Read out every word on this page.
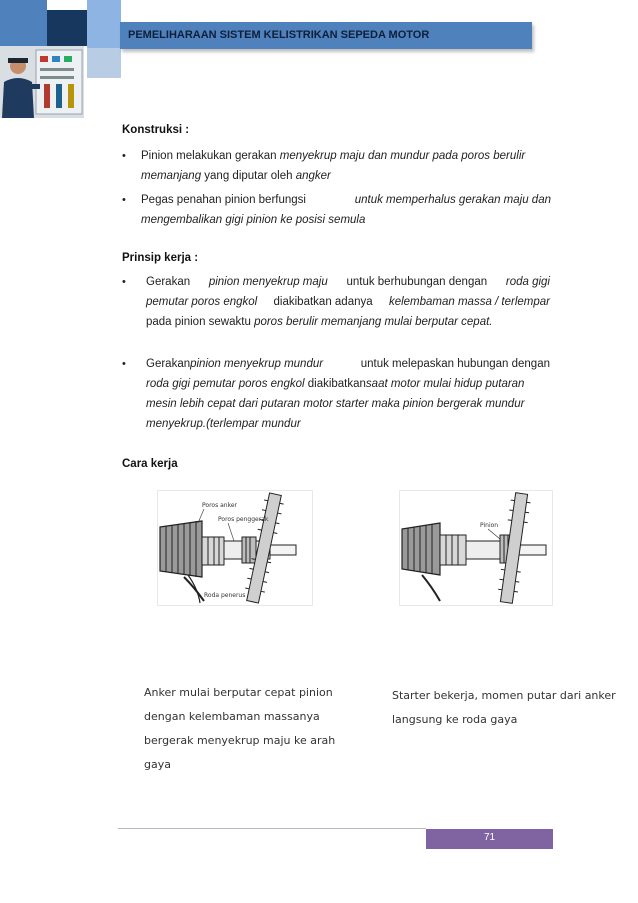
PEMELIHARAAN SISTEM KELISTRIKAN SEPEDA MOTOR
Konstruksi :
• Pinion melakukan gerakan menyekrup maju dan mundur pada poros berulir
memanjang yang diputar oleh angker
• Pegas penahan pinion berfungsi	untuk memperhalus gerakan maju dan
mengembalikan gigi pinion ke posisi semula
Prinsip kerja :
• Gerakan pinion menyekrup maju untuk berhubungan dengan roda gigi
pemutar poros engkol diakibatkan adanya kelembaman massa / terlempar
pada pinion sewaktu poros berulir memanjang mulai berputar cepat.
• Gerakanpinion menyekrup mundur	untuk melepaskan hubungan dengan
roda gigi pemutar poros engkol diakibatkansaat motor mulai hidup putaran
mesin lebih cepat dari putaran motor starter maka pinion bergerak mundur
menyekrup.(terlempar mundur
Cara kerja
Poros anker
Poros penggerak
Roda penerus
Pinion
Anker mulai berputar cepat pinion
dengan kelembaman massanya
bergerak menyekrup maju ke arah
gaya
Starter bekerja, momen putar dari anker
langsung ke roda gaya
71
